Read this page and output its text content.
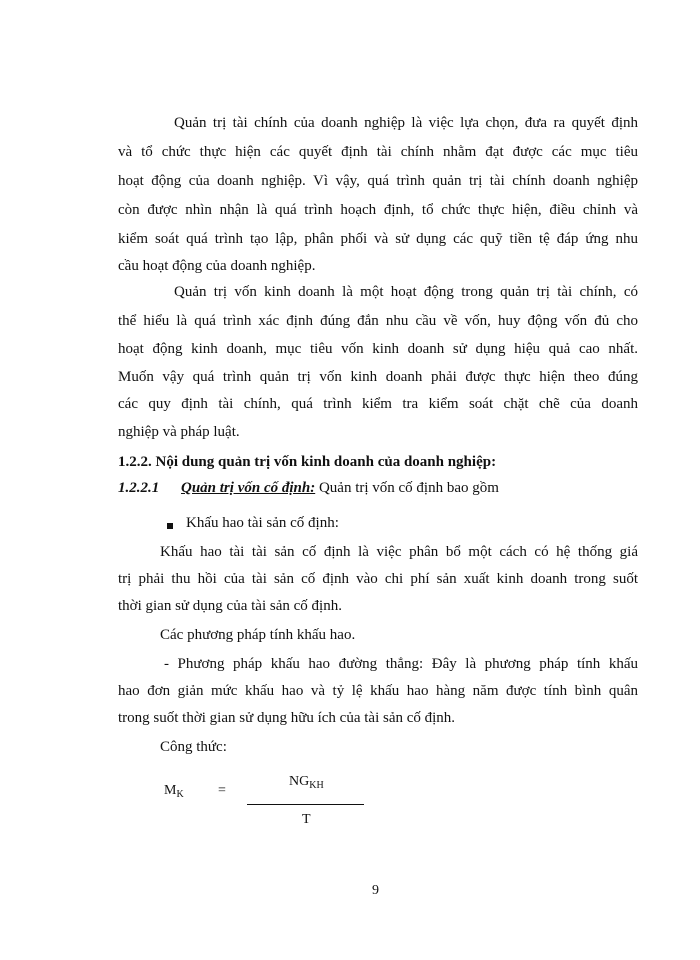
Quản trị tài chính của doanh nghiệp là việc lựa chọn, đưa ra quyết định
và tổ chức thực hiện các quyết định tài chính nhằm đạt được các mục tiêu
hoạt động của doanh nghiệp. Vì vậy, quá trình quản trị tài chính doanh nghiệp
còn được nhìn nhận là quá trình hoạch định, tổ chức thực hiện, điều chỉnh và
kiểm soát quá trình tạo lập, phân phối và sử dụng các quỹ tiền tệ đáp ứng nhu
cầu hoạt động của doanh nghiệp.
Quản trị vốn kinh doanh là một hoạt động trong quản trị tài chính, có
thể hiểu là quá trình xác định đúng đắn nhu cầu về vốn, huy động vốn đủ cho
hoạt động kinh doanh, mục tiêu vốn kinh doanh sử dụng hiệu quả cao nhất.
Muốn vậy quá trình quản trị vốn kinh doanh phải được thực hiện theo đúng
các quy định tài chính, quá trình kiểm tra kiểm soát chặt chẽ của doanh
nghiệp và pháp luật.
1.2.2. Nội dung quản trị vốn kinh doanh của doanh nghiệp:
1.2.2.1 Quản trị vốn cố định: Quản trị vốn cố định bao gồm
Khấu hao tài sản cố định:
Khấu hao tài tài sản cố định là việc phân bổ một cách có hệ thống giá
trị phải thu hồi của tài sản cố định vào chi phí sản xuất kinh doanh trong suốt
thời gian sử dụng của tài sản cố định.
Các phương pháp tính khấu hao.
- Phương pháp khấu hao đường thẳng: Đây là phương pháp tính khấu
hao đơn giản mức khấu hao và tỷ lệ khấu hao hàng năm được tính bình quân
trong suốt thời gian sử dụng hữu ích của tài sản cố định.
Công thức:
$M_K$ =
$NG_{KH}$
T
9
